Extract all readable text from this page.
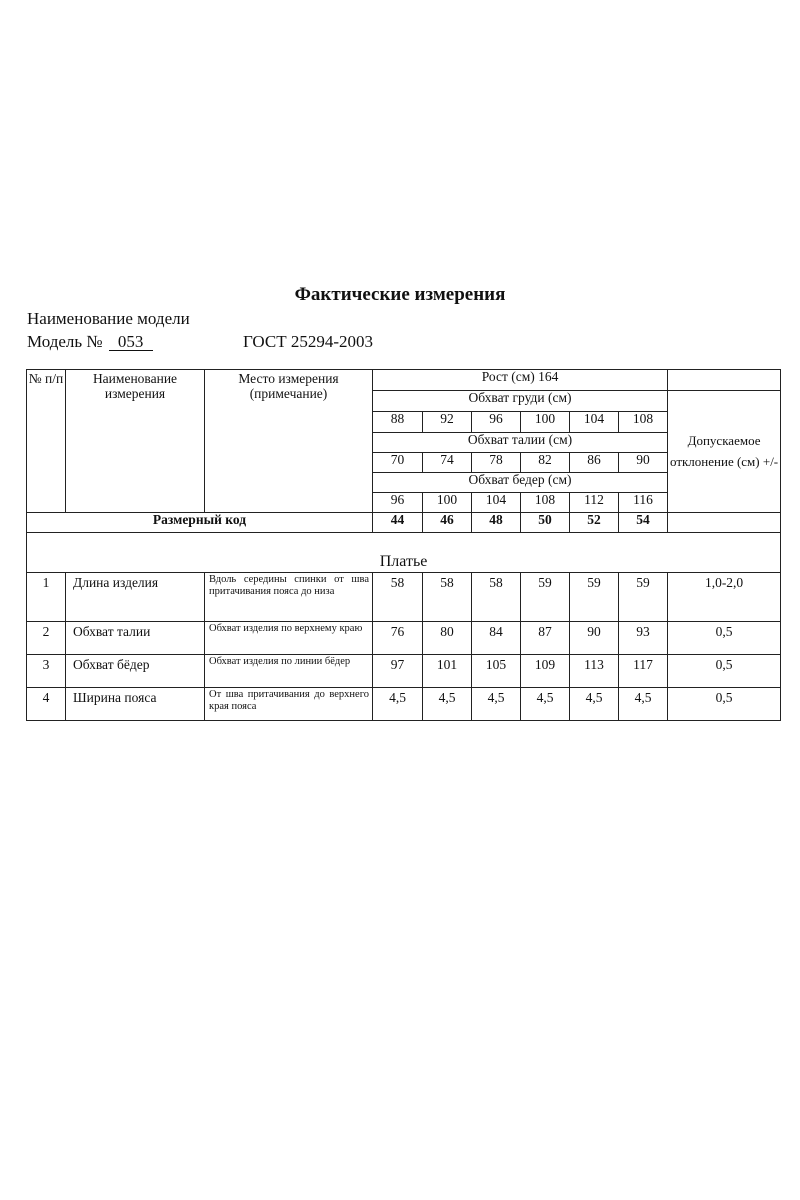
Фактические измерения
Наименование модели
Модель № 053	ГОСТ 25294-2003
№ п/п	Наименование измерения	Место измерения (примечание)	Рост (см) 164						
			Обхват груди (см)						Допускаемое отклонение (см) +/-
			88	92	96	100	104	108	
			Обхват талии (см)						
			70	74	78	82	86	90	
			Обхват бедер (см)						
			96	100	104	108	112	116	
Размерный код			44	46	48	50	52	54	
Платье									
1	Длина изделия	Вдоль середины спинки от шва притачивания пояса до низа	58	58	58	59	59	59	1,0-2,0
2	Обхват талии	Обхват изделия по верхнему краю	76	80	84	87	90	93	0,5
3	Обхват бёдер	Обхват изделия по линии бёдер	97	101	105	109	113	117	0,5
4	Ширина пояса	От шва притачивания до верхнего края пояса	4,5	4,5	4,5	4,5	4,5	4,5	0,5
